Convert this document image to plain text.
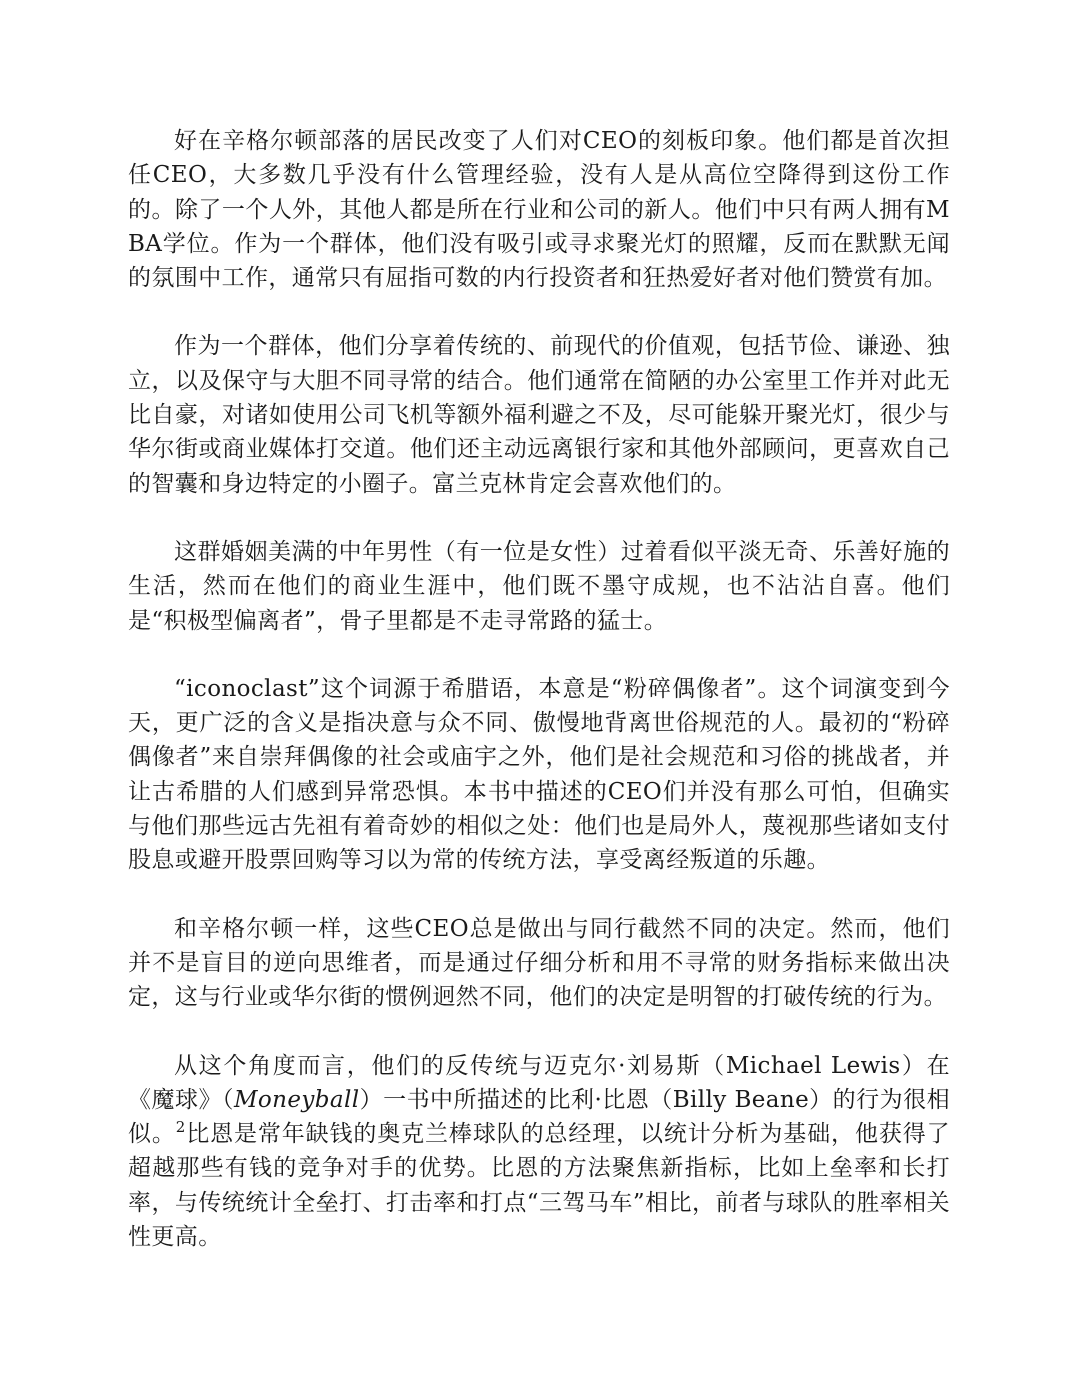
好在辛格尔顿部落的居民改变了人们对CEO的刻板印象。他们都是首次担任CEO，大多数几乎没有什么管理经验，没有人是从高位空降得到这份工作的。除了一个人外，其他人都是所在行业和公司的新人。他们中只有两人拥有MBA学位。作为一个群体，他们没有吸引或寻求聚光灯的照耀，反而在默默无闻的氛围中工作，通常只有屈指可数的内行投资者和狂热爱好者对他们赞赏有加。

作为一个群体，他们分享着传统的、前现代的价值观，包括节俭、谦逊、独立，以及保守与大胆不同寻常的结合。他们通常在简陋的办公室里工作并对此无比自豪，对诸如使用公司飞机等额外福利避之不及，尽可能躲开聚光灯，很少与华尔街或商业媒体打交道。他们还主动远离银行家和其他外部顾问，更喜欢自己的智囊和身边特定的小圈子。富兰克林肯定会喜欢他们的。

这群婚姻美满的中年男性（有一位是女性）过着看似平淡无奇、乐善好施的生活，然而在他们的商业生涯中，他们既不墨守成规，也不沾沾自喜。他们是“积极型偏离者”，骨子里都是不走寻常路的猛士。

“iconoclast”这个词源于希腊语，本意是“粉碎偶像者”。这个词演变到今天，更广泛的含义是指决意与众不同、傲慢地背离世俗规范的人。最初的“粉碎偶像者”来自崇拜偶像的社会或庙宇之外，他们是社会规范和习俗的挑战者，并让古希腊的人们感到异常恐惧。本书中描述的CEO们并没有那么可怕，但确实与他们那些远古先祖有着奇妙的相似之处：他们也是局外人，蔑视那些诸如支付股息或避开股票回购等习以为常的传统方法，享受离经叛道的乐趣。

和辛格尔顿一样，这些CEO总是做出与同行截然不同的决定。然而，他们并不是盲目的逆向思维者，而是通过仔细分析和用不寻常的财务指标来做出决定，这与行业或华尔街的惯例迥然不同，他们的决定是明智的打破传统的行为。

从这个角度而言，他们的反传统与迈克尔·刘易斯（Michael Lewis）在《魔球》（Moneyball）一书中所描述的比利·比恩（Billy Beane）的行为很相似。$^2$比恩是常年缺钱的奥克兰棒球队的总经理，以统计分析为基础，他获得了超越那些有钱的竞争对手的优势。比恩的方法聚焦新指标，比如上垒率和长打率，与传统统计全垒打、打击率和打点“三驾马车”相比，前者与球队的胜率相关性更高。
